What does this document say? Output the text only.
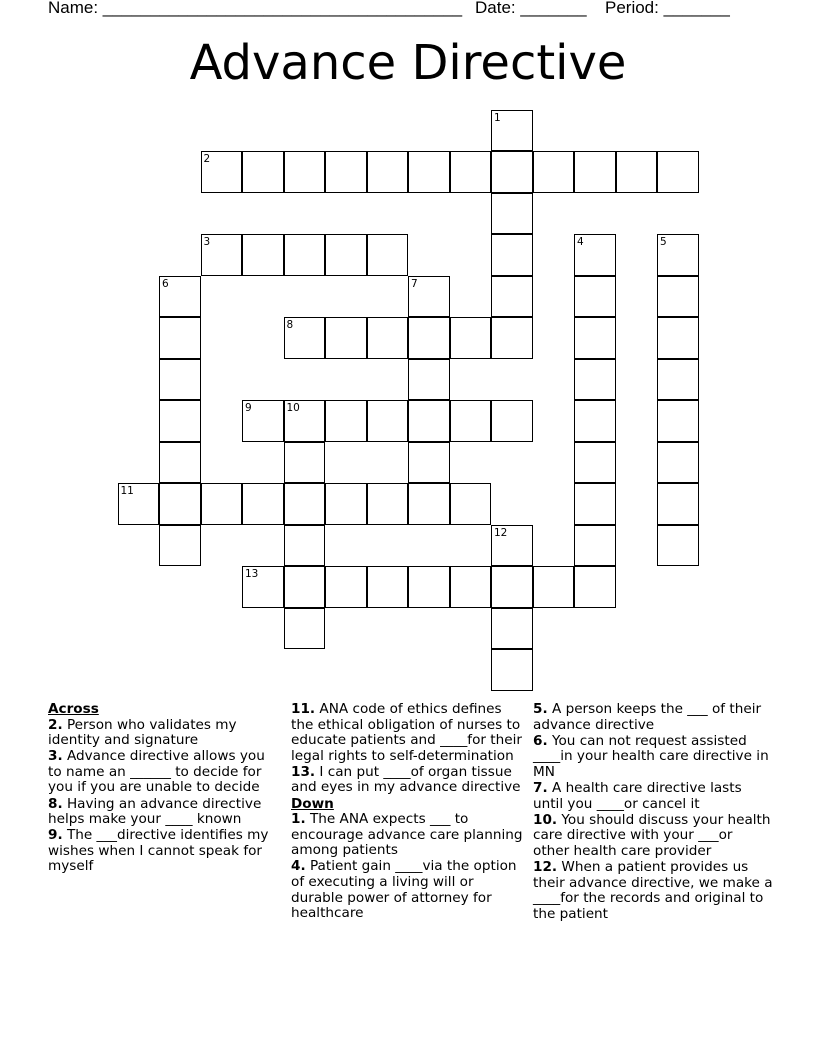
Name: ______________________________________

Date: _______

Period: _______

Advance Directive
1
2
3	4	5
6	7
8
9	10
11
12
13
Across
2. Person who validates my identity and signature
3. Advance directive allows you to name an ______ to decide for you if you are unable to decide
8. Having an advance directive helps make your ____ known
9. The ___directive identifies my wishes when I cannot speak for myself
11. ANA code of ethics defines the ethical obligation of nurses to educate patients and ____for their legal rights to self-determination
13. I can put ____of organ tissue and eyes in my advance directive
Down
1. The ANA expects ___ to encourage advance care planning among patients
4. Patient gain ____via the option of executing a living will or durable power of attorney for healthcare
5. A person keeps the ___ of their advance directive
6. You can not request assisted ____in your health care directive in MN
7. A health care directive lasts until you ____or cancel it
10. You should discuss your health care directive with your ___or other health care provider
12. When a patient provides us their advance directive, we make a ____for the records and original to the patient
